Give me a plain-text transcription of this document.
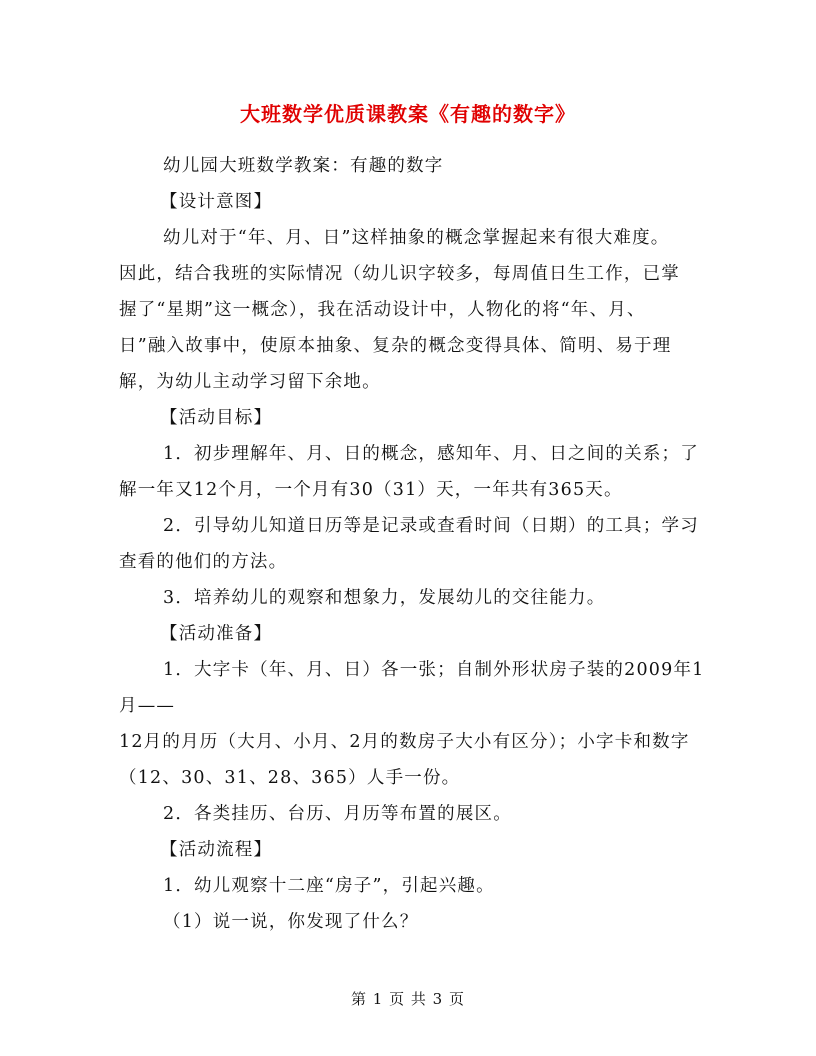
大班数学优质课教案《有趣的数字》
幼儿园大班数学教案：有趣的数字
【设计意图】
幼儿对于“年、月、日”这样抽象的概念掌握起来有很大难度。
因此，结合我班的实际情况（幼儿识字较多，每周值日生工作，已掌
握了“星期”这一概念），我在活动设计中，人物化的将“年、月、
日”融入故事中，使原本抽象、复杂的概念变得具体、简明、易于理
解，为幼儿主动学习留下余地。
【活动目标】
1．初步理解年、月、日的概念，感知年、月、日之间的关系；了
解一年又12个月，一个月有30（31）天，一年共有365天。
2．引导幼儿知道日历等是记录或查看时间（日期）的工具；学习
查看的他们的方法。
3．培养幼儿的观察和想象力，发展幼儿的交往能力。
【活动准备】
1．大字卡（年、月、日）各一张；自制外形状房子装的2009年1
月——
12月的月历（大月、小月、2月的数房子大小有区分）；小字卡和数字
（12、30、31、28、365）人手一份。
2．各类挂历、台历、月历等布置的展区。
【活动流程】
1．幼儿观察十二座“房子”，引起兴趣。
（1）说一说，你发现了什么？
第 1 页 共 3 页
